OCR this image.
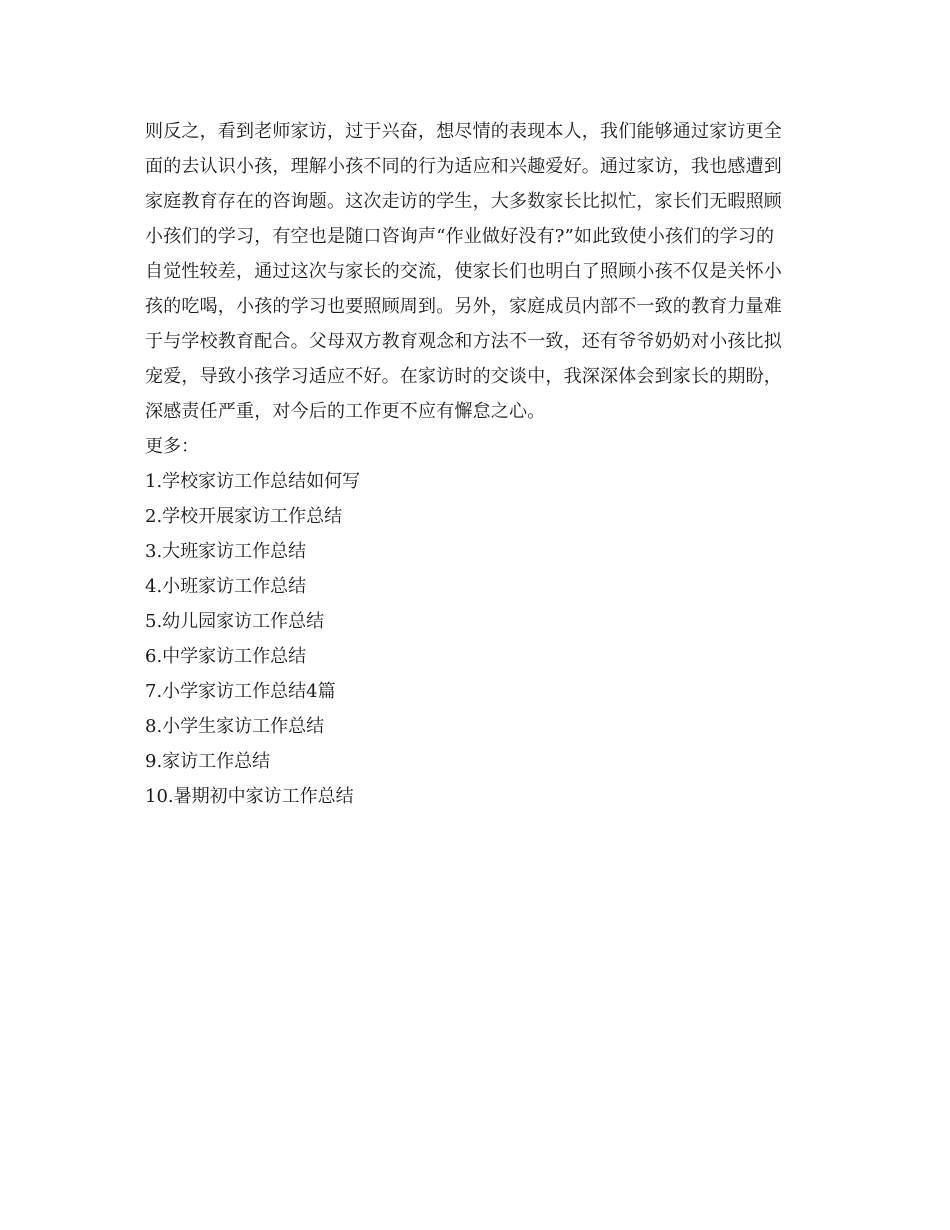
则反之，看到老师家访，过于兴奋，想尽情的表现本人，我们能够通过家访更全
面的去认识小孩，理解小孩不同的行为适应和兴趣爱好。通过家访，我也感遭到
家庭教育存在的咨询题。这次走访的学生，大多数家长比拟忙，家长们无暇照顾
小孩们的学习，有空也是随口咨询声“作业做好没有?”如此致使小孩们的学习的
自觉性较差，通过这次与家长的交流，使家长们也明白了照顾小孩不仅是关怀小
孩的吃喝，小孩的学习也要照顾周到。另外，家庭成员内部不一致的教育力量难
于与学校教育配合。父母双方教育观念和方法不一致，还有爷爷奶奶对小孩比拟
宠爱，导致小孩学习适应不好。在家访时的交谈中，我深深体会到家长的期盼，
深感责任严重，对今后的工作更不应有懈怠之心。
更多：
1.学校家访工作总结如何写
2.学校开展家访工作总结
3.大班家访工作总结
4.小班家访工作总结
5.幼儿园家访工作总结
6.中学家访工作总结
7.小学家访工作总结4篇
8.小学生家访工作总结
9.家访工作总结
10.暑期初中家访工作总结
